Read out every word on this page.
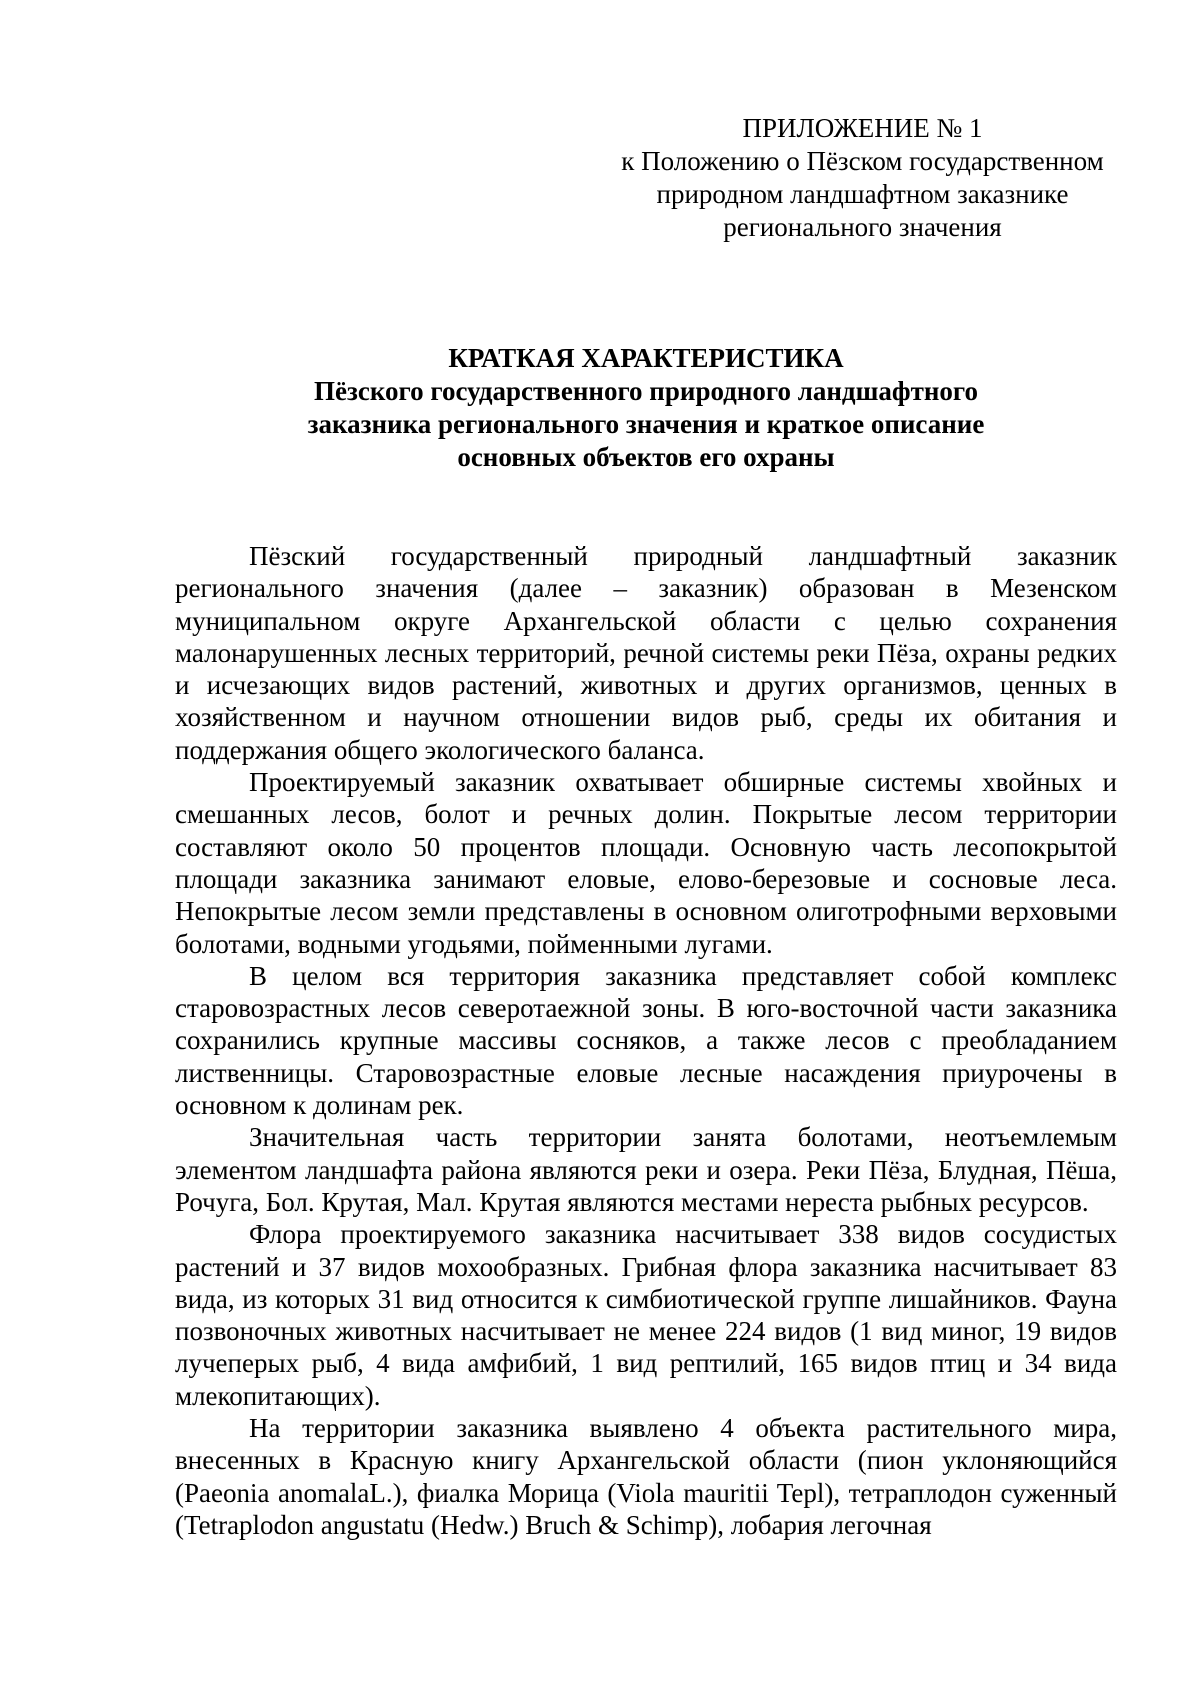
ПРИЛОЖЕНИЕ № 1
к Положению о Пёзском государственном
природном ландшафтном заказнике
регионального значения
КРАТКАЯ ХАРАКТЕРИСТИКА
Пёзского государственного природного ландшафтного
заказника регионального значения и краткое описание
основных объектов его охраны

Пёзский государственный природный ландшафтный заказник регионального значения (далее – заказник) образован в Мезенском муниципальном округе Архангельской области с целью сохранения малонарушенных лесных территорий, речной системы реки Пёза, охраны редких и исчезающих видов растений, животных и других организмов, ценных в хозяйственном и научном отношении видов рыб, среды их обитания и поддержания общего экологического баланса.

Проектируемый заказник охватывает обширные системы хвойных и смешанных лесов, болот и речных долин. Покрытые лесом территории составляют около 50 процентов площади. Основную часть лесопокрытой площади заказника занимают еловые, елово-березовые и сосновые леса. Непокрытые лесом земли представлены в основном олиготрофными верховыми болотами, водными угодьями, пойменными лугами.

В целом вся территория заказника представляет собой комплекс старовозрастных лесов северотаежной зоны. В юго-восточной части заказника сохранились крупные массивы сосняков, а также лесов с преобладанием лиственницы. Старовозрастные еловые лесные насаждения приурочены в основном к долинам рек.

Значительная часть территории занята болотами, неотъемлемым элементом ландшафта района являются реки и озера. Реки Пёза, Блудная, Пёша, Рочуга, Бол. Крутая, Мал. Крутая являются местами нереста рыбных ресурсов.

Флора проектируемого заказника насчитывает 338 видов сосудистых растений и 37 видов мохообразных. Грибная флора заказника насчитывает 83 вида, из которых 31 вид относится к симбиотической группе лишайников. Фауна позвоночных животных насчитывает не менее 224 видов (1 вид миног, 19 видов лучеперых рыб, 4 вида амфибий, 1 вид рептилий, 165 видов птиц и 34 вида млекопитающих).

На территории заказника выявлено 4 объекта растительного мира, внесенных в Красную книгу Архангельской области (пион уклоняющийся (Paeonia anomalaL.), фиалка Морица (Viola mauritii Tepl), тетраплодон суженный (Tetraplodon angustatu (Hedw.) Bruch & Schimp), лобария легочная
